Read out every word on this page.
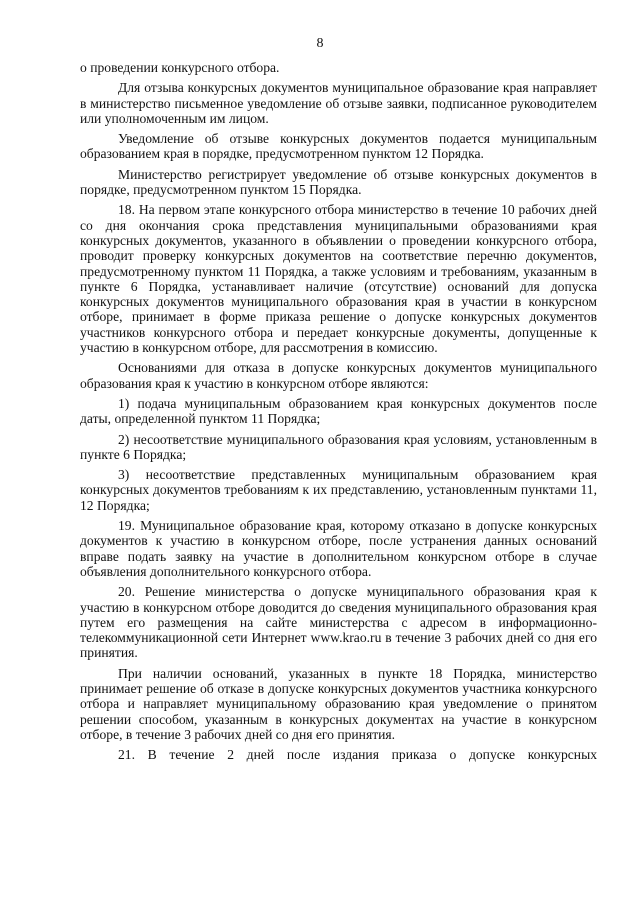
8

о проведении конкурсного отбора.

Для отзыва конкурсных документов муниципальное образование края направляет в министерство письменное уведомление об отзыве заявки, подписанное руководителем или уполномоченным им лицом.

Уведомление об отзыве конкурсных документов подается муниципальным образованием края в порядке, предусмотренном пунктом 12 Порядка.

Министерство регистрирует уведомление об отзыве конкурсных документов в порядке, предусмотренном пунктом 15 Порядка.

18. На первом этапе конкурсного отбора министерство в течение 10 рабочих дней со дня окончания срока представления муниципальными образованиями края конкурсных документов, указанного в объявлении о проведении конкурсного отбора, проводит проверку конкурсных документов на соответствие перечню документов, предусмотренному пунктом 11 Порядка, а также условиям и требованиям, указанным в пункте 6 Порядка, устанавливает наличие (отсутствие) оснований для допуска конкурсных документов муниципального образования края в участии в конкурсном отборе, принимает в форме приказа решение о допуске конкурсных документов участников конкурсного отбора и передает конкурсные документы, допущенные к участию в конкурсном отборе, для рассмотрения в комиссию.

Основаниями для отказа в допуске конкурсных документов муниципального образования края к участию в конкурсном отборе являются:

1) подача муниципальным образованием края конкурсных документов после даты, определенной пунктом 11 Порядка;

2) несоответствие муниципального образования края условиям, установленным в пункте 6 Порядка;

3) несоответствие представленных муниципальным образованием края конкурсных документов требованиям к их представлению, установленным пунктами 11, 12 Порядка;

19. Муниципальное образование края, которому отказано в допуске конкурсных документов к участию в конкурсном отборе, после устранения данных оснований вправе подать заявку на участие в дополнительном конкурсном отборе в случае объявления дополнительного конкурсного отбора.

20. Решение министерства о допуске муниципального образования края к участию в конкурсном отборе доводится до сведения муниципального образования края путем его размещения на сайте министерства с адресом в информационно-телекоммуникационной сети Интернет www.krao.ru в течение 3 рабочих дней со дня его принятия.

При наличии оснований, указанных в пункте 18 Порядка, министерство принимает решение об отказе в допуске конкурсных документов участника конкурсного отбора и направляет муниципальному образованию края уведомление о принятом решении способом, указанным в конкурсных документах на участие в конкурсном отборе, в течение 3 рабочих дней со дня его принятия.

21. В течение 2 дней после издания приказа о допуске конкурсных
